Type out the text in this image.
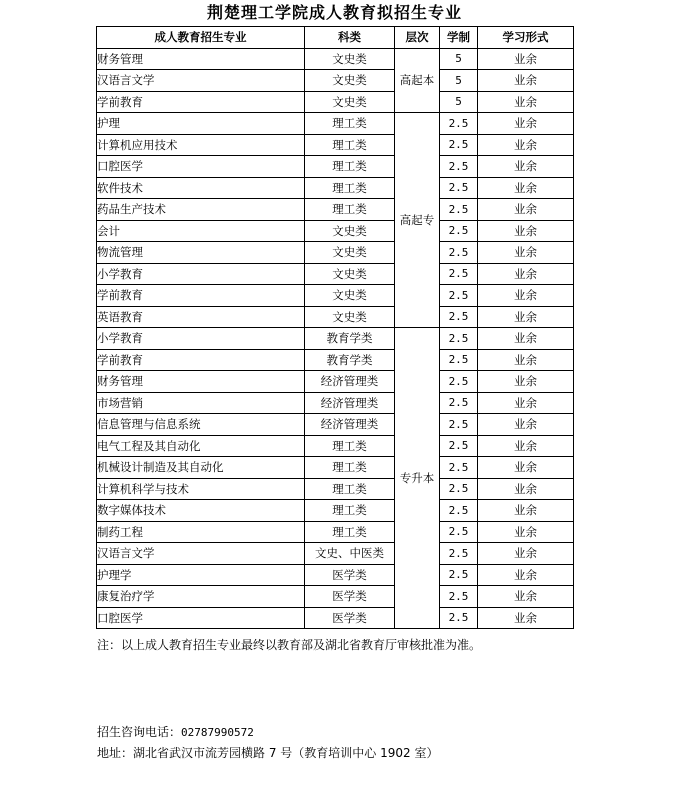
荆楚理工学院成人教育拟招生专业
成人教育招生专业	科类	层次	学制	学习形式
财务管理	文史类	高起本	5	业余
汉语言文学	文史类		5	业余
学前教育	文史类		5	业余
护理	理工类	高起专	2.5	业余
计算机应用技术	理工类		2.5	业余
口腔医学	理工类		2.5	业余
软件技术	理工类		2.5	业余
药品生产技术	理工类		2.5	业余
会计	文史类		2.5	业余
物流管理	文史类		2.5	业余
小学教育	文史类		2.5	业余
学前教育	文史类		2.5	业余
英语教育	文史类		2.5	业余
小学教育	教育学类	专升本	2.5	业余
学前教育	教育学类		2.5	业余
财务管理	经济管理类		2.5	业余
市场营销	经济管理类		2.5	业余
信息管理与信息系统	经济管理类		2.5	业余
电气工程及其自动化	理工类		2.5	业余
机械设计制造及其自动化	理工类		2.5	业余
计算机科学与技术	理工类		2.5	业余
数字媒体技术	理工类		2.5	业余
制药工程	理工类		2.5	业余
汉语言文学	文史、中医类		2.5	业余
护理学	医学类		2.5	业余
康复治疗学	医学类		2.5	业余
口腔医学	医学类		2.5	业余
注：以上成人教育招生专业最终以教育部及湖北省教育厅审核批准为准。
招生咨询电话：02787990572
地址：湖北省武汉市流芳园横路 7 号（教育培训中心 1902 室）
